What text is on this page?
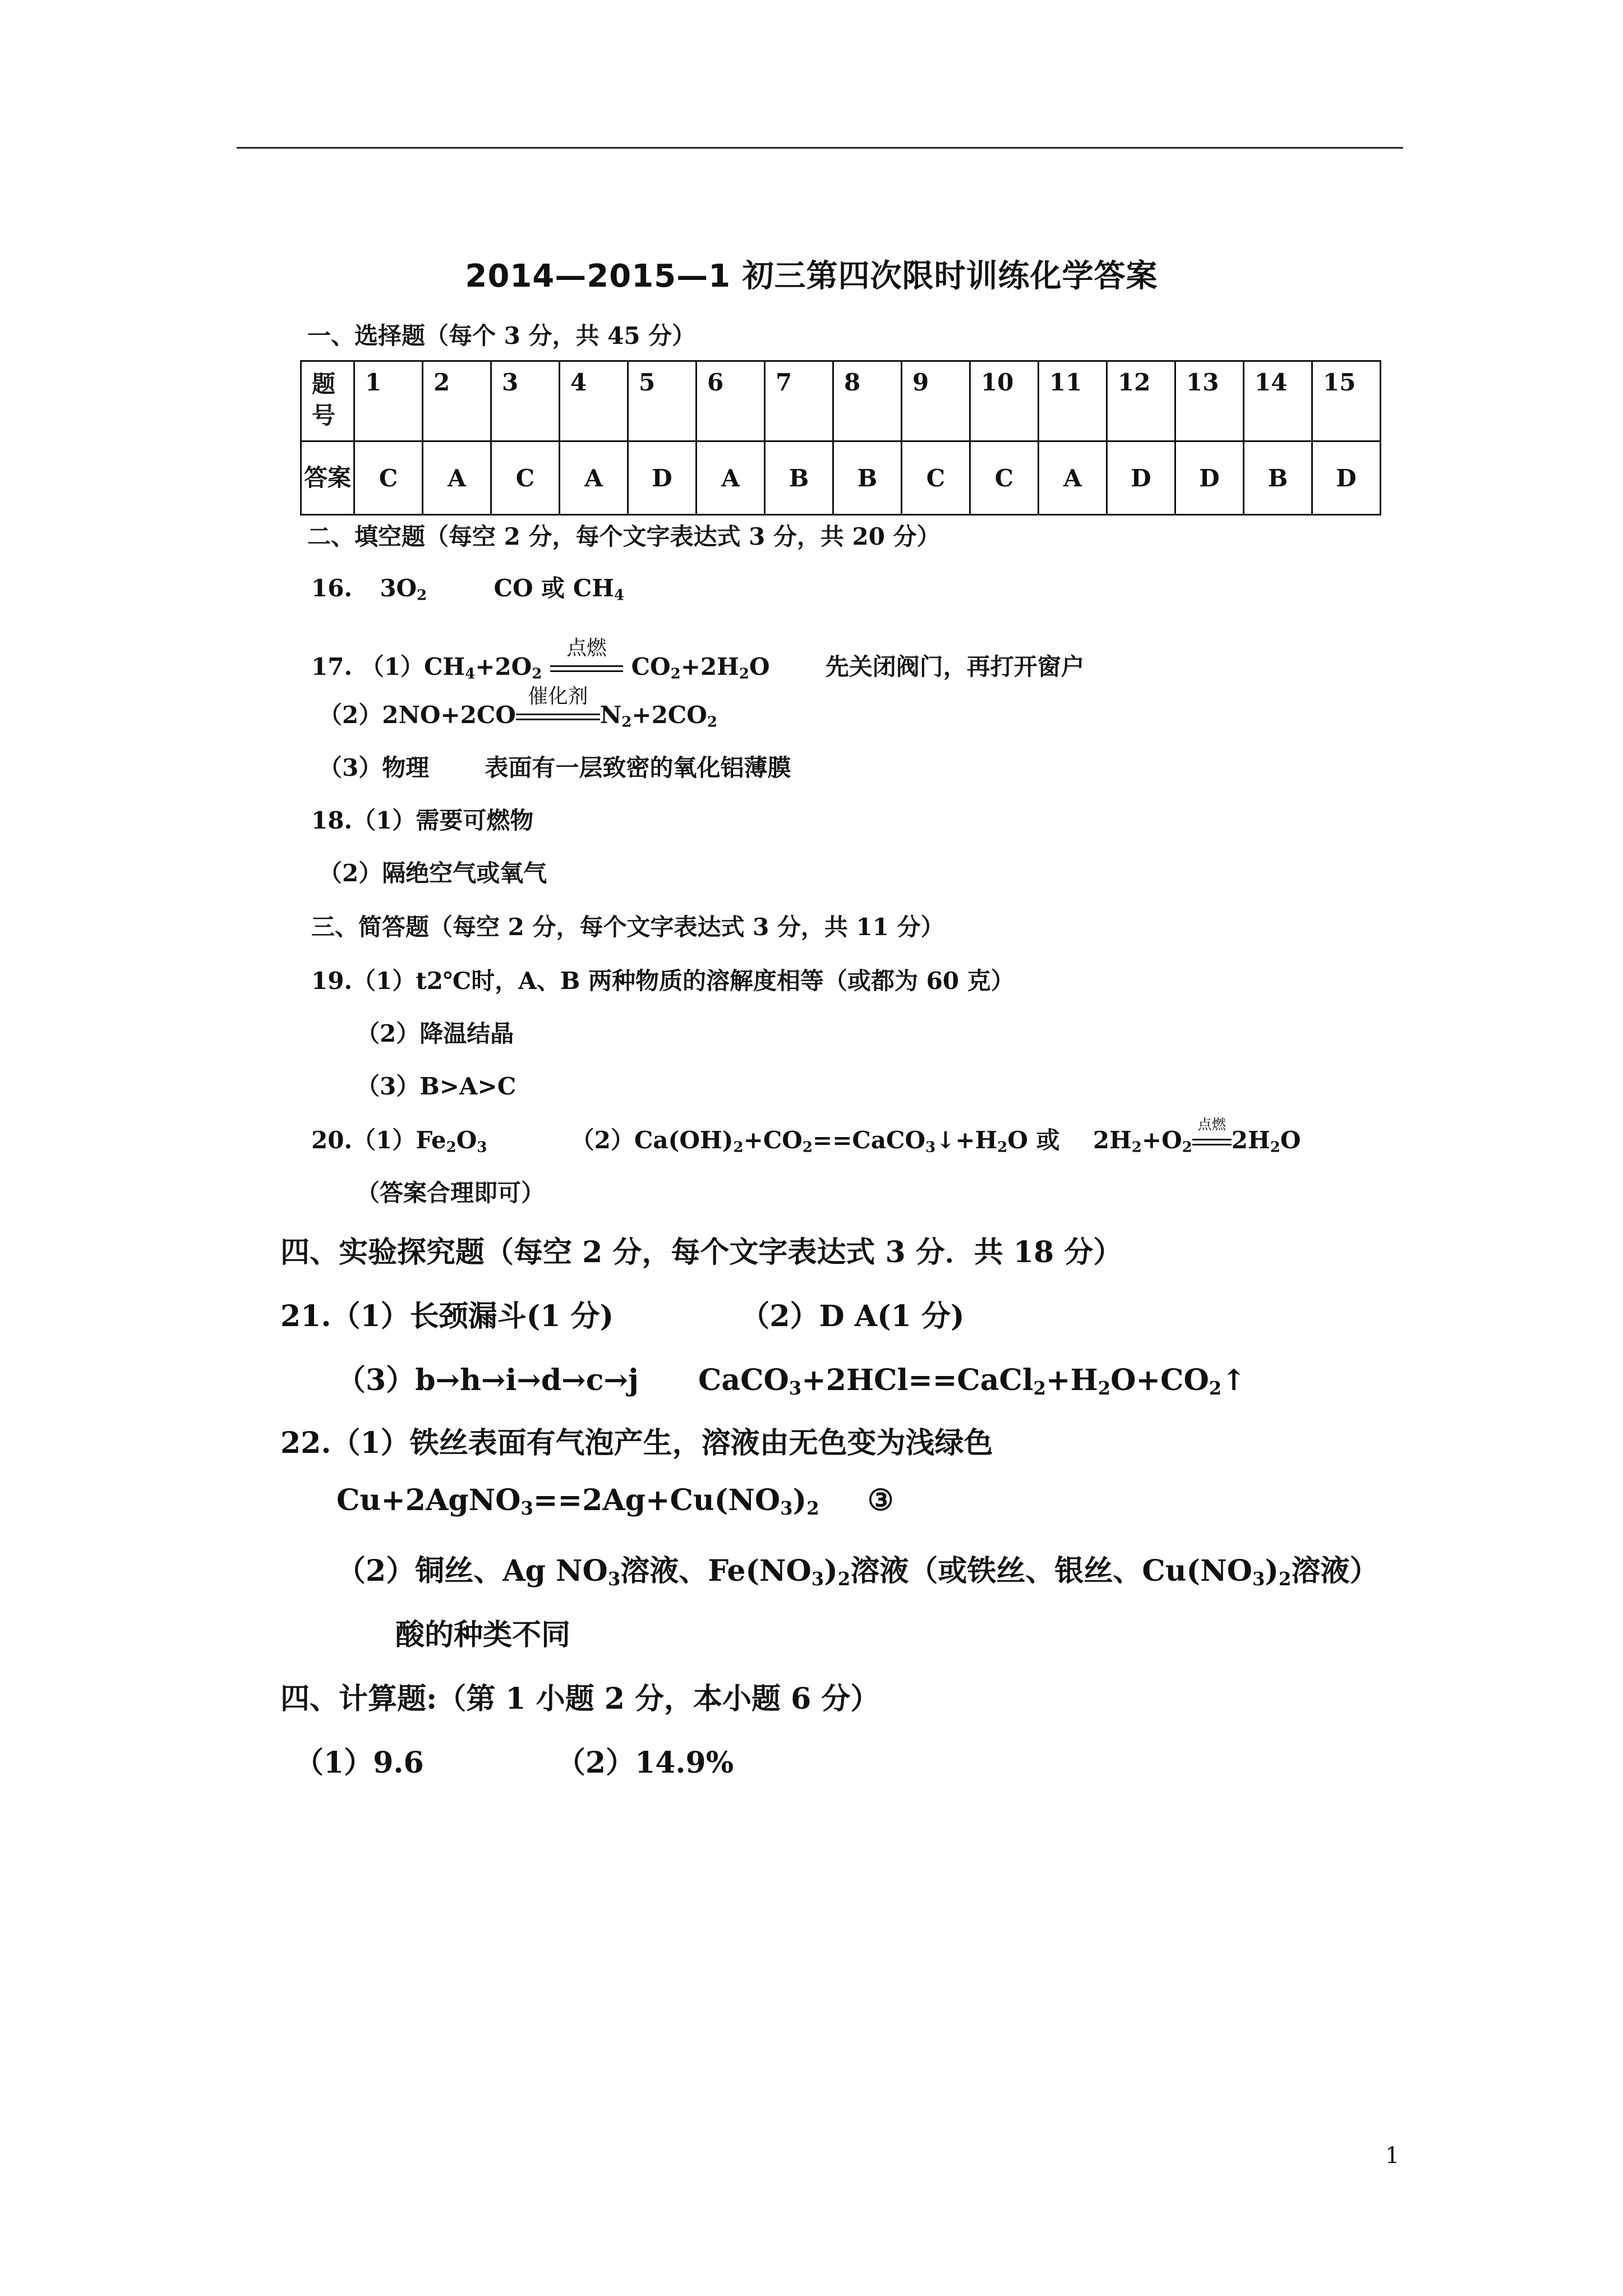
2014—2015—1 初三第四次限时训练化学答案
一、选择题（每个 3 分，共 45 分）
题号	1	2	3	4	5	6	7	8	9	10	11	12	13	14	15
答案	C	A	C	A	D	A	B	B	C	C	A	D	D	B	D
二、填空题（每空 2 分，每个文字表达式 3 分，共 20 分）
16. $3O_2$	CO 或 $CH_4$
17. $(1)CH_4+2O_2$
点燃
$CO_2+2H_2O$ 先关闭阀门，再打开窗户
（2）2NO+2CO
催化剂
$N_2+2CO_2$
（3）物理 表面有一层致密的氧化铝薄膜
18.（1）需要可燃物
（2）隔绝空气或氧气
三、简答题（每空 2 分，每个文字表达式 3 分，共 11 分）
19.（1）t2℃时，A、B 两种物质的溶解度相等（或都为 60 克）
（2）降温结晶
（3）B>A>C
$20.(1)Fe_2O_3$	$(2)Ca(OH)_2+CO_2==CaCO_3↓+H_2O$ 或 $2H_2+O_2$
点燃
$2H_2O$
（答案合理即可）
四、实验探究题（每空 2 分，每个文字表达式 3 分．共 18 分）
21.（1）长颈漏斗(1 分)	（2）D A(1 分)
（3）b→h→i→d→c→j $CaCO_3+2HCl==CaCl_2+H_2O+CO_2↑$
22.（1）铁丝表面有气泡产生，溶液由无色变为浅绿色
$Cu+2AgNO_3==2Ag+Cu(NO_3)_2$ ③
（2）铜丝、Ag $NO_3$溶液、$Fe(NO_3)_2$溶液（或铁丝、银丝、$Cu(NO_3)_2$溶液）
酸的种类不同
四、计算题:（第 1 小题 2 分，本小题 6 分）
（1）9.6	（2）14.9%
1
